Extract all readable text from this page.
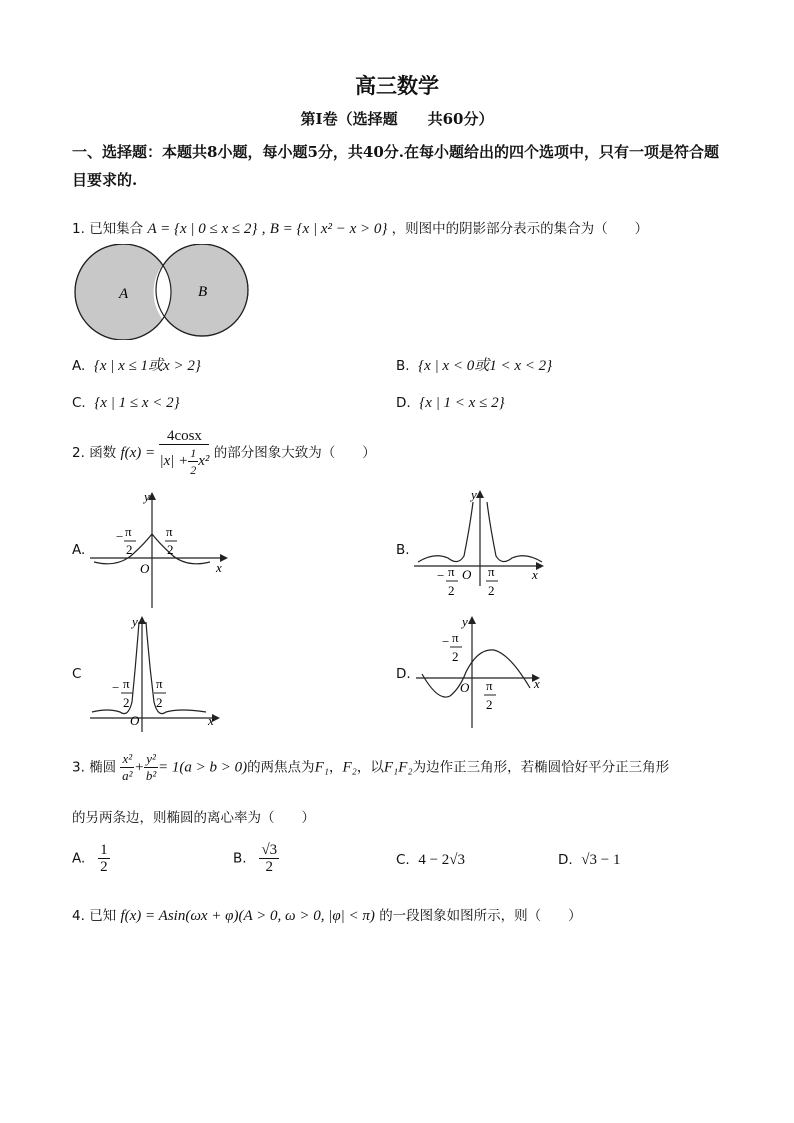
高三数学
第Ⅰ卷（选择题　　共60分）
一、选择题：本题共8小题，每小题5分，共40分.在每小题给出的四个选项中，只有一项是符合题目要求的.
1. 已知集合 A = {x | 0 ≤ x ≤ 2} , B = {x | x² − x > 0} ，则图中的阴影部分表示的集合为（　　）
A	B
A. {x | x ≤ 1或x > 2}	B. {x | x < 0或1 < x < 2}
C. {x | 1 ≤ x < 2}	D. {x | 1 < x ≤ 2}
2. 函数 $f(x) = \frac{4\cos x}{|x| + \frac{1}{2} x^2}$ 的部分图象大致为（　　）
A.
y
x
O
− π
2
π
2	B.
y
x
O
− π
2
π
2
C
y
x
O
− π
2
π
2
D.
y
x
O
− π
2
π
2
3. 椭圆 $\frac{\text{x²}}{\text{a²}} + \frac{\text{y²}}{\text{b²}} = 1(a > b > 0)$的两焦点为F₁，F₂，以F₁F₂为边作正三角形，若椭圆恰好平分正三角形
的另两条边，则椭圆的离心率为（　　）
A. $\frac{1}{2}$	B. $\frac{√3}{2}$	C. 4 − 2√3	D. √3 − 1
4. 已知 f(x) = Asin(ωx + φ)(A > 0, ω > 0, |φ| < π) 的一段图象如图所示，则（　　）
